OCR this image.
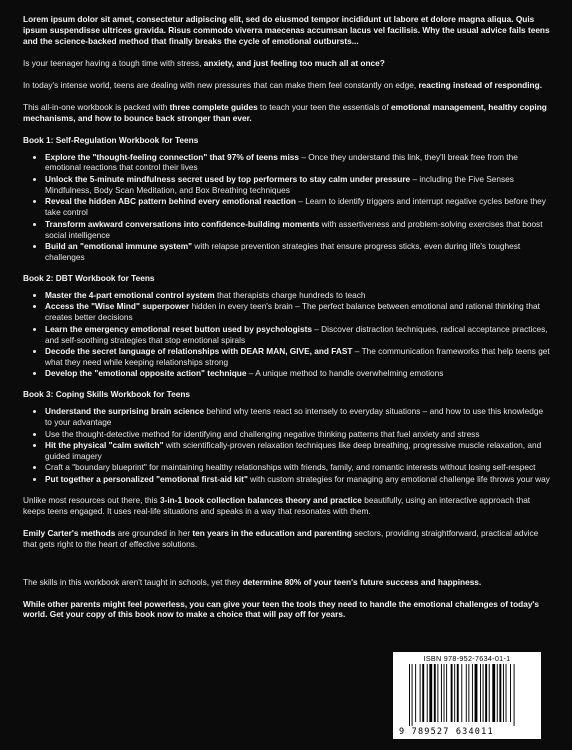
Lorem ipsum dolor sit amet, consectetur adipiscing elit, sed do eiusmod tempor incididunt ut labore et dolore magna aliqua. Quis ipsum suspendisse ultrices gravida. Risus commodo viverra maecenas accumsan lacus vel facilisis. Why the usual advice fails teens and the science-backed method that finally breaks the cycle of emotional outbursts...

Is your teenager having a tough time with stress, anxiety, and just feeling too much all at once?

In today's intense world, teens are dealing with new pressures that can make them feel constantly on edge, reacting instead of responding.

This all-in-one workbook is packed with three complete guides to teach your teen the essentials of emotional management, healthy coping mechanisms, and how to bounce back stronger than ever.

Book 1: Self-Regulation Workbook for Teens
• Explore the "thought-feeling connection" that 97% of teens miss – Once they understand this link, they'll break free from the emotional reactions that control their lives
• Unlock the 5-minute mindfulness secret used by top performers to stay calm under pressure – including the Five Senses Mindfulness, Body Scan Meditation, and Box Breathing techniques
• Reveal the hidden ABC pattern behind every emotional reaction – Learn to identify triggers and interrupt negative cycles before they take control
• Transform awkward conversations into confidence-building moments with assertiveness and problem-solving exercises that boost social intelligence
• Build an "emotional immune system" with relapse prevention strategies that ensure progress sticks, even during life's toughest challenges
Book 2: DBT Workbook for Teens
• Master the 4-part emotional control system that therapists charge hundreds to teach
• Access the "Wise Mind" superpower hidden in every teen's brain – The perfect balance between emotional and rational thinking that creates better decisions
• Learn the emergency emotional reset button used by psychologists – Discover distraction techniques, radical acceptance practices, and self-soothing strategies that stop emotional spirals
• Decode the secret language of relationships with DEAR MAN, GIVE, and FAST – The communication frameworks that help teens get what they need while keeping relationships strong
• Develop the "emotional opposite action" technique – A unique method to handle overwhelming emotions
Book 3: Coping Skills Workbook for Teens
• Understand the surprising brain science behind why teens react so intensely to everyday situations – and how to use this knowledge to your advantage
• Use the thought-detective method for identifying and challenging negative thinking patterns that fuel anxiety and stress
• Hit the physical "calm switch" with scientifically-proven relaxation techniques like deep breathing, progressive muscle relaxation, and guided imagery
• Craft a "boundary blueprint" for maintaining healthy relationships with friends, family, and romantic interests without losing self-respect
• Put together a personalized "emotional first-aid kit" with custom strategies for managing any emotional challenge life throws your way

Unlike most resources out there, this 3-in-1 book collection balances theory and practice beautifully, using an interactive approach that keeps teens engaged. It uses real-life situations and speaks in a way that resonates with them.

Emily Carter's methods are grounded in her ten years in the education and parenting sectors, providing straightforward, practical advice that gets right to the heart of effective solutions.

The skills in this workbook aren't taught in schools, yet they determine 80% of your teen's future success and happiness.

While other parents might feel powerless, you can give your teen the tools they need to handle the emotional challenges of today's world. Get your copy of this book now to make a choice that will pay off for years.

ISBN 978-952-7634-01-1
9 789527 634011
